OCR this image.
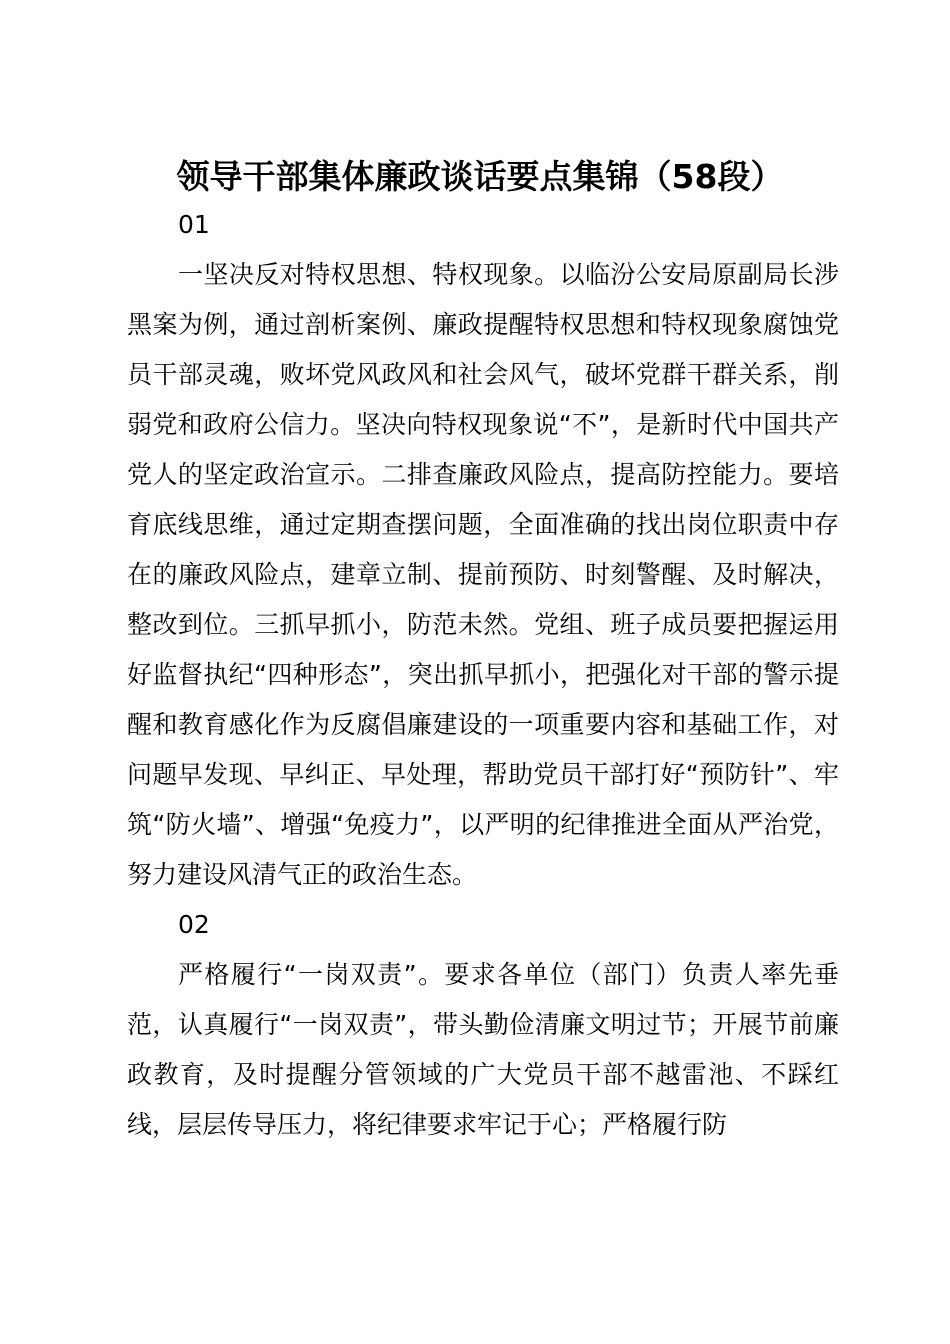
领导干部集体廉政谈话要点集锦（58段）

01

一坚决反对特权思想、特权现象。以临汾公安局原副局长涉黑案为例，通过剖析案例、廉政提醒特权思想和特权现象腐蚀党员干部灵魂，败坏党风政风和社会风气，破坏党群干群关系，削弱党和政府公信力。坚决向特权现象说“不”，是新时代中国共产党人的坚定政治宣示。二排查廉政风险点，提高防控能力。要培育底线思维，通过定期查摆问题，全面准确的找出岗位职责中存在的廉政风险点，建章立制、提前预防、时刻警醒、及时解决，整改到位。三抓早抓小，防范未然。党组、班子成员要把握运用好监督执纪“四种形态”，突出抓早抓小，把强化对干部的警示提醒和教育感化作为反腐倡廉建设的一项重要内容和基础工作，对问题早发现、早纠正、早处理，帮助党员干部打好“预防针”、牢筑“防火墙”、增强“免疫力”，以严明的纪律推进全面从严治党，努力建设风清气正的政治生态。

02

严格履行“一岗双责”。要求各单位（部门）负责人率先垂范，认真履行“一岗双责”，带头勤俭清廉文明过节；开展节前廉政教育，及时提醒分管领域的广大党员干部不越雷池、不踩红线，层层传导压力，将纪律要求牢记于心；严格履行防
